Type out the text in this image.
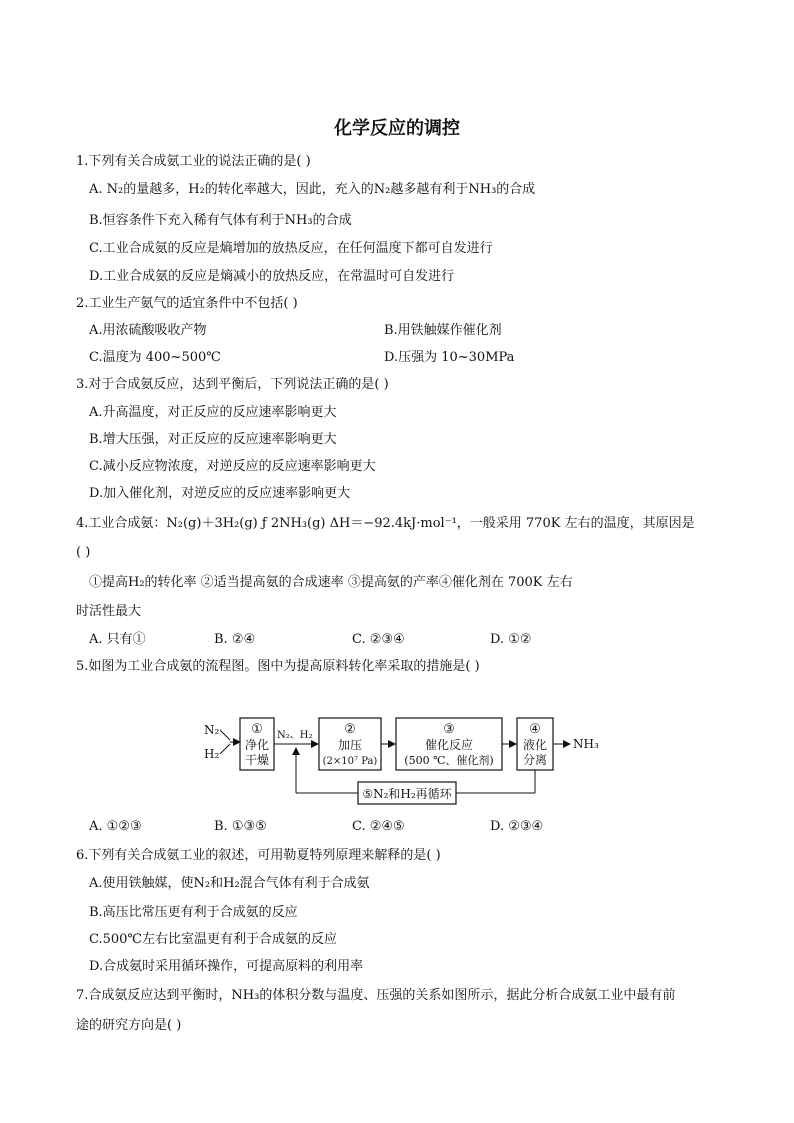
化学反应的调控
1.下列有关合成氨工业的说法正确的是( )
A. N₂的量越多，H₂的转化率越大，因此，充入的N₂越多越有利于NH₃的合成
B.恒容条件下充入稀有气体有利于NH₃的合成
C.工业合成氨的反应是熵增加的放热反应，在任何温度下都可自发进行
D.工业合成氨的反应是熵减小的放热反应，在常温时可自发进行
2.工业生产氨气的适宜条件中不包括( )
A.用浓硫酸吸收产物	B.用铁触媒作催化剂
C.温度为 400~500℃	D.压强为 10~30MPa
3.对于合成氨反应，达到平衡后，下列说法正确的是( )
A.升高温度，对正反应的反应速率影响更大
B.增大压强，对正反应的反应速率影响更大
C.减小反应物浓度，对逆反应的反应速率影响更大
D.加入催化剂，对逆反应的反应速率影响更大
4.工业合成氨：N₂(g)＋3H₂(g) ƒ 2NH₃(g) ΔH＝−92.4kJ·mol⁻¹，一般采用 770K 左右的温度，其原因是
( )
①提高H₂的转化率 ②适当提高氨的合成速率 ③提高氨的产率④催化剂在 700K 左右
时活性最大
A. 只有①	B. ②④	C. ②③④	D. ①②
5.如图为工业合成氨的流程图。图中为提高原料转化率采取的措施是( )
N₂
H₂
①
净化
干燥
N₂、H₂ ②
加压
(2×10⁷ Pa)
③
催化反应
(500 ℃、催化剂)
④
液化
分离
NH₃
⑤N₂和H₂再循环
A. ①②③	B. ①③⑤	C. ②④⑤	D. ②③④
6.下列有关合成氨工业的叙述，可用勒夏特列原理来解释的是( )
A.使用铁触媒，使N₂和H₂混合气体有利于合成氨
B.高压比常压更有利于合成氨的反应
C.500℃左右比室温更有利于合成氨的反应
D.合成氨时采用循环操作，可提高原料的利用率
7.合成氨反应达到平衡时，NH₃的体积分数与温度、压强的关系如图所示，据此分析合成氨工业中最有前
途的研究方向是( )
